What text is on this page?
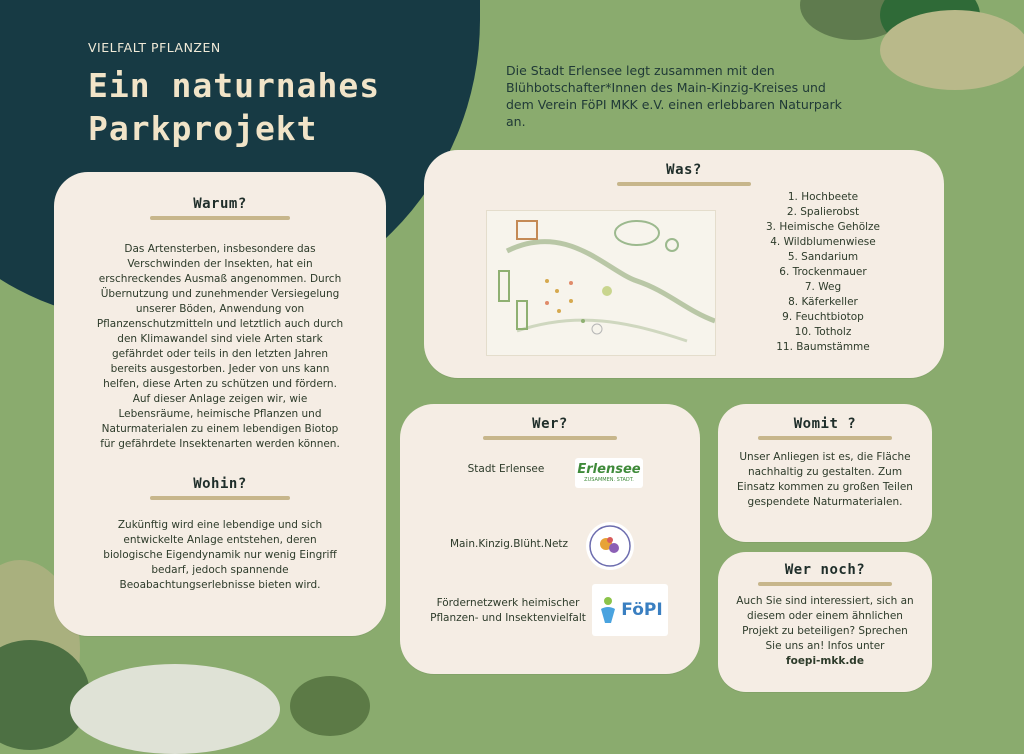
VIELFALT PFLANZEN
Ein naturnahes
Parkprojekt
Die Stadt Erlensee legt zusammen mit den Blühbotschafter*Innen des Main-Kinzig-Kreises und dem Verein FöPI MKK e.V. einen erlebbaren Naturpark an.
Warum?
Das Artensterben, insbesondere das Verschwinden der Insekten, hat ein erschreckendes Ausmaß angenommen. Durch Übernutzung und zunehmender Versiegelung unserer Böden, Anwendung von Pflanzenschutzmitteln und letztlich auch durch den Klimawandel sind viele Arten stark gefährdet oder teils in den letzten Jahren bereits ausgestorben. Jeder von uns kann helfen, diese Arten zu schützen und fördern. Auf dieser Anlage zeigen wir, wie Lebensräume, heimische Pflanzen und Naturmaterialen zu einem lebendigen Biotop für gefährdete Insektenarten werden können.
Wohin?
Zukünftig wird eine lebendige und sich entwickelte Anlage entstehen, deren biologische Eigendynamik nur wenig Eingriff bedarf, jedoch spannende Beoabachtungserlebnisse bieten wird.
Was?
1. Hochbeete
2. Spalierobst
3. Heimische Gehölze
4. Wildblumenwiese
5. Sandarium
6. Trockenmauer
7. Weg
8. Käferkeller
9. Feuchtbiotop
10. Totholz
11. Baumstämme
Wer?
Stadt Erlensee	Erlensee
ZUSAMMEN. STADT.
Main.Kinzig.Blüht.Netz
Fördernetzwerk heimischer Pflanzen- und Insektenvielfalt	FöPI
Womit ?
Unser Anliegen ist es, die Fläche nachhaltig zu gestalten. Zum Einsatz kommen zu großen Teilen gespendete Naturmaterialen.
Wer noch?
Auch Sie sind interessiert, sich an diesem oder einem ähnlichen Projekt zu beteiligen? Sprechen Sie uns an! Infos unter
foepi-mkk.de
